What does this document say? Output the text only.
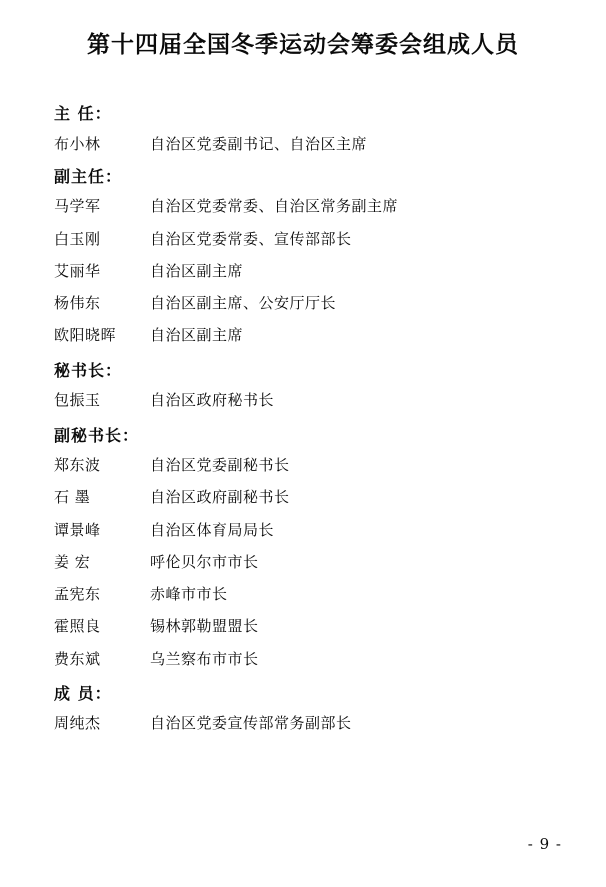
第十四届全国冬季运动会筹委会组成人员
主 任：
布小林	自治区党委副书记、自治区主席
副主任：
马学军	自治区党委常委、自治区常务副主席
白玉刚	自治区党委常委、宣传部部长
艾丽华	自治区副主席
杨伟东	自治区副主席、公安厅厅长
欧阳晓晖	自治区副主席
秘书长：
包振玉	自治区政府秘书长
副秘书长：
郑东波	自治区党委副秘书长
石 墨	自治区政府副秘书长
谭景峰	自治区体育局局长
姜 宏	呼伦贝尔市市长
孟宪东	赤峰市市长
霍照良	锡林郭勒盟盟长
费东斌	乌兰察布市市长
成 员：
周纯杰	自治区党委宣传部常务副部长
- 9 -
